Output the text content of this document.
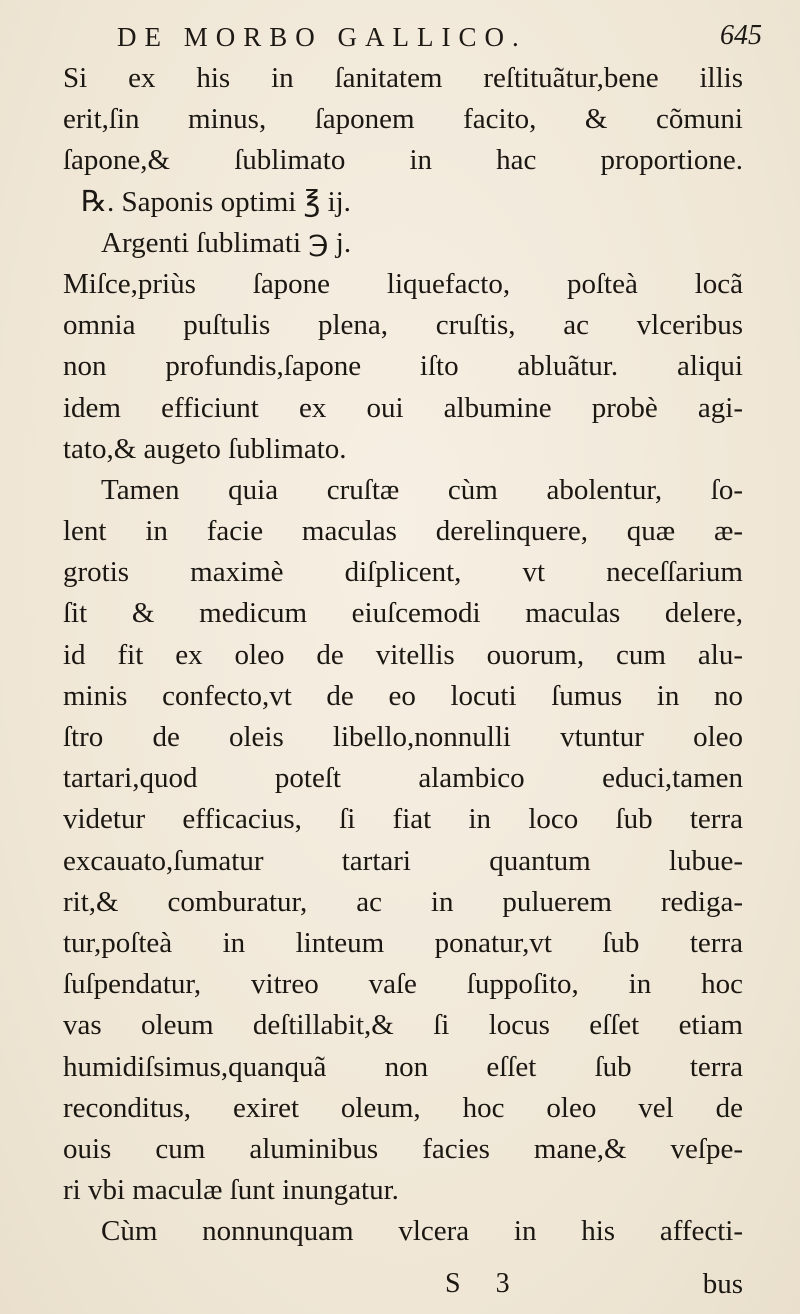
DE MORBO GALLICO.	645
Si ex his in ſanitatem reſtituãtur,bene illis
erit,ſin minus, ſaponem facito, & cõmuni
ſapone,& ſublimato in hac proportione.
℞. Saponis optimi ℥ ij.
Argenti ſublimati ℈ j.
Miſce,priùs ſapone liquefacto, poſteà locã
omnia puſtulis plena, cruſtis, ac vlceribus
non profundis,ſapone iſto abluãtur. aliqui
idem efficiunt ex oui albumine probè agi-
tato,& augeto ſublimato.
Tamen quia cruſtæ cùm abolentur, ſo-
lent in facie maculas derelinquere, quæ æ-
grotis maximè diſplicent, vt neceſſarium
ſit & medicum eiuſcemodi maculas delere,
id fit ex oleo de vitellis ouorum, cum alu-
minis confecto,vt de eo locuti ſumus in no
ſtro de oleis libello,nonnulli vtuntur oleo
tartari,quod poteſt alambico educi,tamen
videtur efficacius, ſi fiat in loco ſub terra
excauato,ſumatur tartari quantum lubue-
rit,& comburatur, ac in puluerem rediga-
tur,poſteà in linteum ponatur,vt ſub terra
ſuſpendatur, vitreo vaſe ſuppoſito, in hoc
vas oleum deſtillabit,& ſi locus eſſet etiam
humidiſsimus,quanquã non eſſet ſub terra
reconditus, exiret oleum, hoc oleo vel de
ouis cum aluminibus facies mane,& veſpe-
ri vbi maculæ ſunt inungatur.
Cùm nonnunquam vlcera in his affecti-
S 3	bus
